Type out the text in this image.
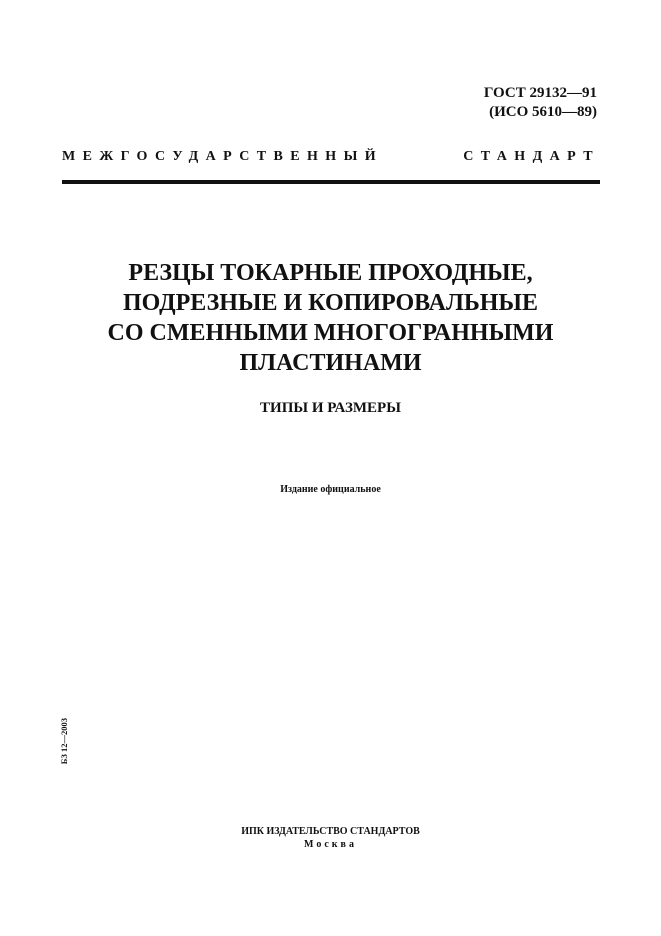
ГОСТ 29132—91
(ИСО 5610—89)
МЕЖГОСУДАРСТВЕННЫЙ СТАНДАРТ
РЕЗЦЫ ТОКАРНЫЕ ПРОХОДНЫЕ,
ПОДРЕЗНЫЕ И КОПИРОВАЛЬНЫЕ
СО СМЕННЫМИ МНОГОГРАННЫМИ
ПЛАСТИНАМИ
ТИПЫ И РАЗМЕРЫ
Издание официальное
БЗ 12—2003
ИПК ИЗДАТЕЛЬСТВО СТАНДАРТОВ
Москва
